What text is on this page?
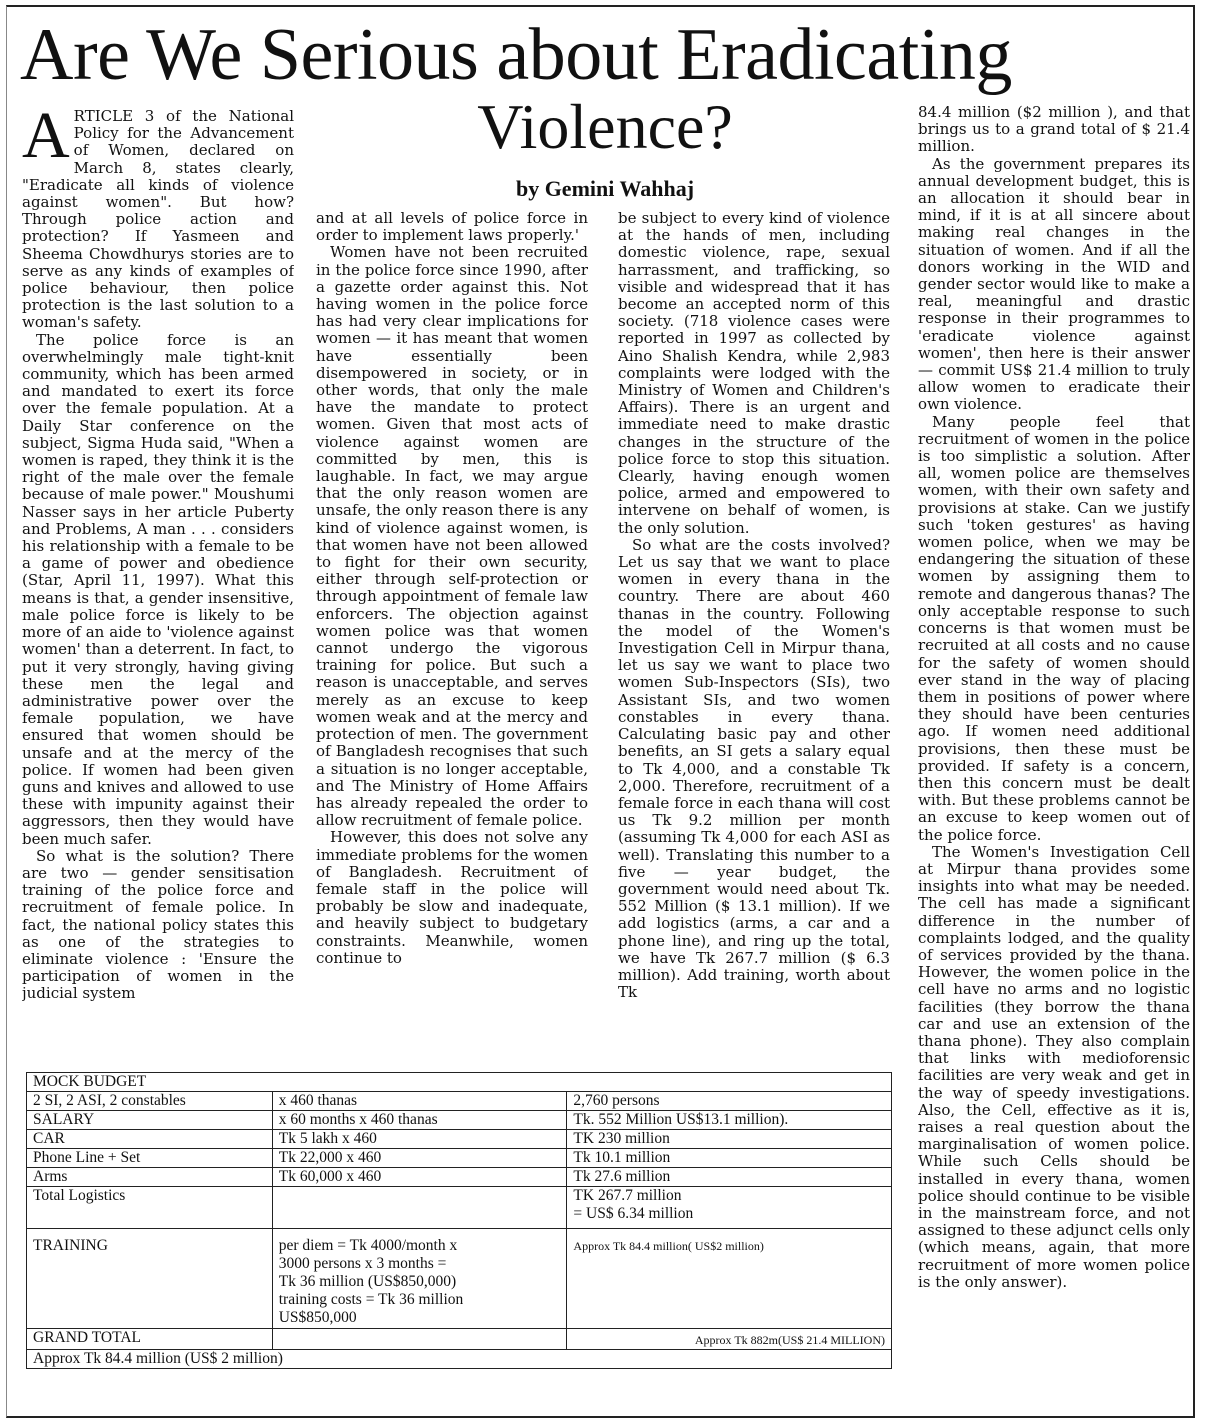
Are We Serious about Eradicating
Violence?
by Gemini Wahhaj

ARTICLE 3 of the National Policy for the Advancement of Women, declared on March 8, states clearly, "Eradicate all kinds of violence against women". But how? Through police action and protection? If Yasmeen and Sheema Chowdhurys stories are to serve as any kinds of examples of police behaviour, then police protection is the last solution to a woman's safety.

The police force is an overwhelmingly male tight-knit community, which has been armed and mandated to exert its force over the female population. At a Daily Star conference on the subject, Sigma Huda said, "When a women is raped, they think it is the right of the male over the female because of male power." Moushumi Nasser says in her article Puberty and Problems, A man . . . considers his relationship with a female to be a game of power and obedience (Star, April 11, 1997). What this means is that, a gender insensitive, male police force is likely to be more of an aide to 'violence against women' than a deterrent. In fact, to put it very strongly, having giving these men the legal and administrative power over the female population, we have ensured that women should be unsafe and at the mercy of the police. If women had been given guns and knives and allowed to use these with impunity against their aggressors, then they would have been much safer.

So what is the solution? There are two — gender sensitisation training of the police force and recruitment of female police. In fact, the national policy states this as one of the strategies to eliminate violence : 'Ensure the participation of women in the judicial system

and at all levels of police force in order to implement laws properly.'

Women have not been recruited in the police force since 1990, after a gazette order against this. Not having women in the police force has had very clear implications for women — it has meant that women have essentially been disempowered in society, or in other words, that only the male have the mandate to protect women. Given that most acts of violence against women are committed by men, this is laughable. In fact, we may argue that the only reason women are unsafe, the only reason there is any kind of violence against women, is that women have not been allowed to fight for their own security, either through self-protection or through appointment of female law enforcers. The objection against women police was that women cannot undergo the vigorous training for police. But such a reason is unacceptable, and serves merely as an excuse to keep women weak and at the mercy and protection of men. The government of Bangladesh recognises that such a situation is no longer acceptable, and The Ministry of Home Affairs has already repealed the order to allow recruitment of female police.

However, this does not solve any immediate problems for the women of Bangladesh. Recruitment of female staff in the police will probably be slow and inadequate, and heavily subject to budgetary constraints. Meanwhile, women continue to

be subject to every kind of violence at the hands of men, including domestic violence, rape, sexual harrassment, and trafficking, so visible and widespread that it has become an accepted norm of this society. (718 violence cases were reported in 1997 as collected by Aino Shalish Kendra, while 2,983 complaints were lodged with the Ministry of Women and Children's Affairs). There is an urgent and immediate need to make drastic changes in the structure of the police force to stop this situation. Clearly, having enough women police, armed and empowered to intervene on behalf of women, is the only solution.

So what are the costs involved? Let us say that we want to place women in every thana in the country. There are about 460 thanas in the country. Following the model of the Women's Investigation Cell in Mirpur thana, let us say we want to place two women Sub-Inspectors (SIs), two Assistant SIs, and two women constables in every thana. Calculating basic pay and other benefits, an SI gets a salary equal to Tk 4,000, and a constable Tk 2,000. Therefore, recruitment of a female force in each thana will cost us Tk 9.2 million per month (assuming Tk 4,000 for each ASI as well). Translating this number to a five — year budget, the government would need about Tk. 552 Million ($ 13.1 million). If we add logistics (arms, a car and a phone line), and ring up the total, we have Tk 267.7 million ($ 6.3 million). Add training, worth about Tk

84.4 million ($2 million ), and that brings us to a grand total of $ 21.4 million.

As the government prepares its annual development budget, this is an allocation it should bear in mind, if it is at all sincere about making real changes in the situation of women. And if all the donors working in the WID and gender sector would like to make a real, meaningful and drastic response in their programmes to 'eradicate violence against women', then here is their answer — commit US$ 21.4 million to truly allow women to eradicate their own violence.

Many people feel that recruitment of women in the police is too simplistic a solution. After all, women police are themselves women, with their own safety and provisions at stake. Can we justify such 'token gestures' as having women police, when we may be endangering the situation of these women by assigning them to remote and dangerous thanas? The only acceptable response to such concerns is that women must be recruited at all costs and no cause for the safety of women should ever stand in the way of placing them in positions of power where they should have been centuries ago. If women need additional provisions, then these must be provided. If safety is a concern, then this concern must be dealt with. But these problems cannot be an excuse to keep women out of the police force.

The Women's Investigation Cell at Mirpur thana provides some insights into what may be needed. The cell has made a significant difference in the number of complaints lodged, and the quality of services provided by the thana. However, the women police in the cell have no arms and no logistic facilities (they borrow the thana car and use an extension of the thana phone). They also complain that links with medioforensic facilities are very weak and get in the way of speedy investigations. Also, the Cell, effective as it is, raises a real question about the marginalisation of women police. While such Cells should be installed in every thana, women police should continue to be visible in the mainstream force, and not assigned to these adjunct cells only (which means, again, that more recruitment of more women police is the only answer).

MOCK BUDGET		
2 SI, 2 ASI, 2 constables	x 460 thanas	2,760 persons
SALARY	x 60 months x 460 thanas	Tk. 552 Million US$13.1 million).
CAR	Tk 5 lakh x 460	TK 230 million
Phone Line + Set	Tk 22,000 x 460	Tk 10.1 million
Arms	Tk 60,000 x 460	Tk 27.6 million
Total Logistics		TK 267.7 million
= US$ 6.34 million

TRAINING	per diem = Tk 4000/month x
3000 persons x 3 months =
Tk 36 million (US$850,000)
training costs = Tk 36 million
US$850,000	Approx Tk 84.4 million( US$2 million)
GRAND TOTAL		Approx Tk 882m(US$ 21.4 MILLION)
Approx Tk 84.4 million (US$ 2 million)		
